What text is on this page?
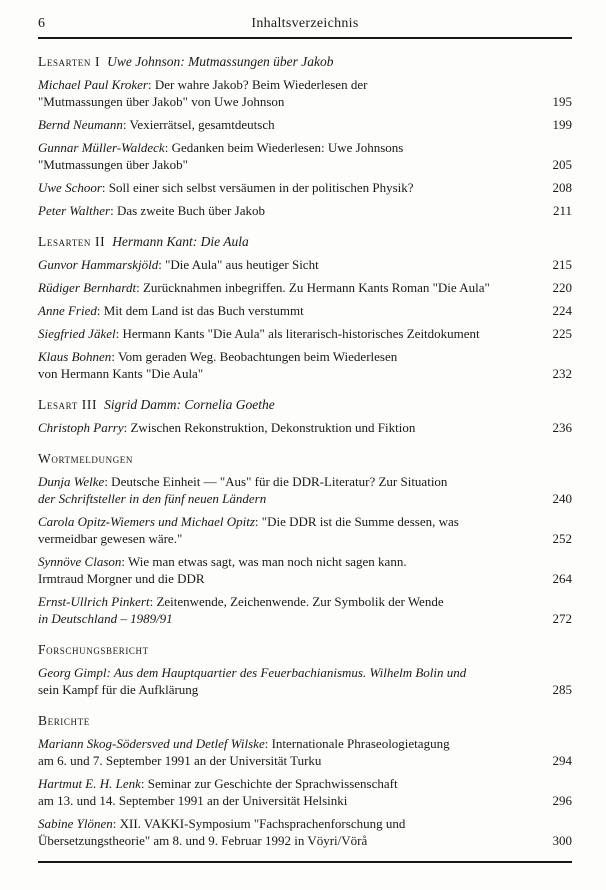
6	Inhaltsverzeichnis
Lesarten I Uwe Johnson: Mutmassungen über Jakob
Michael Paul Kroker: Der wahre Jakob? Beim Wiederlesen der
"Mutmassungen über Jakob" von Uwe Johnson	195
Bernd Neumann: Vexierrätsel, gesamtdeutsch	199
Gunnar Müller-Waldeck: Gedanken beim Wiederlesen: Uwe Johnsons
"Mutmassungen über Jakob"	205
Uwe Schoor: Soll einer sich selbst versäumen in der politischen Physik?	208
Peter Walther: Das zweite Buch über Jakob	211
Lesarten II Hermann Kant: Die Aula
Gunvor Hammarskjöld: "Die Aula" aus heutiger Sicht	215
Rüdiger Bernhardt: Zurücknahmen inbegriffen. Zu Hermann Kants Roman "Die Aula"	220
Anne Fried: Mit dem Land ist das Buch verstummt	224
Siegfried Jäkel: Hermann Kants "Die Aula" als literarisch-historisches Zeitdokument	225
Klaus Bohnen: Vom geraden Weg. Beobachtungen beim Wiederlesen
von Hermann Kants "Die Aula"	232
Lesart III Sigrid Damm: Cornelia Goethe
Christoph Parry: Zwischen Rekonstruktion, Dekonstruktion und Fiktion	236
Wortmeldungen
Dunja Welke: Deutsche Einheit — "Aus" für die DDR-Literatur? Zur Situation
der Schriftsteller in den fünf neuen Ländern	240
Carola Opitz-Wiemers und Michael Opitz: "Die DDR ist die Summe dessen, was
vermeidbar gewesen wäre."	252
Synnöve Clason: Wie man etwas sagt, was man noch nicht sagen kann.
Irmtraud Morgner und die DDR	264
Ernst-Ullrich Pinkert: Zeitenwende, Zeichenwende. Zur Symbolik der Wende
in Deutschland – 1989/91	272
Forschungsbericht
Georg Gimpl: Aus dem Hauptquartier des Feuerbachianismus. Wilhelm Bolin und
sein Kampf für die Aufklärung	285
Berichte
Mariann Skog-Södersved und Detlef Wilske: Internationale Phraseologietagung
am 6. und 7. September 1991 an der Universität Turku	294
Hartmut E. H. Lenk: Seminar zur Geschichte der Sprachwissenschaft
am 13. und 14. September 1991 an der Universität Helsinki	296
Sabine Ylönen: XII. VAKKI-Symposium "Fachsprachenforschung und
Übersetzungstheorie" am 8. und 9. Februar 1992 in Vöyri/Vörå	300
